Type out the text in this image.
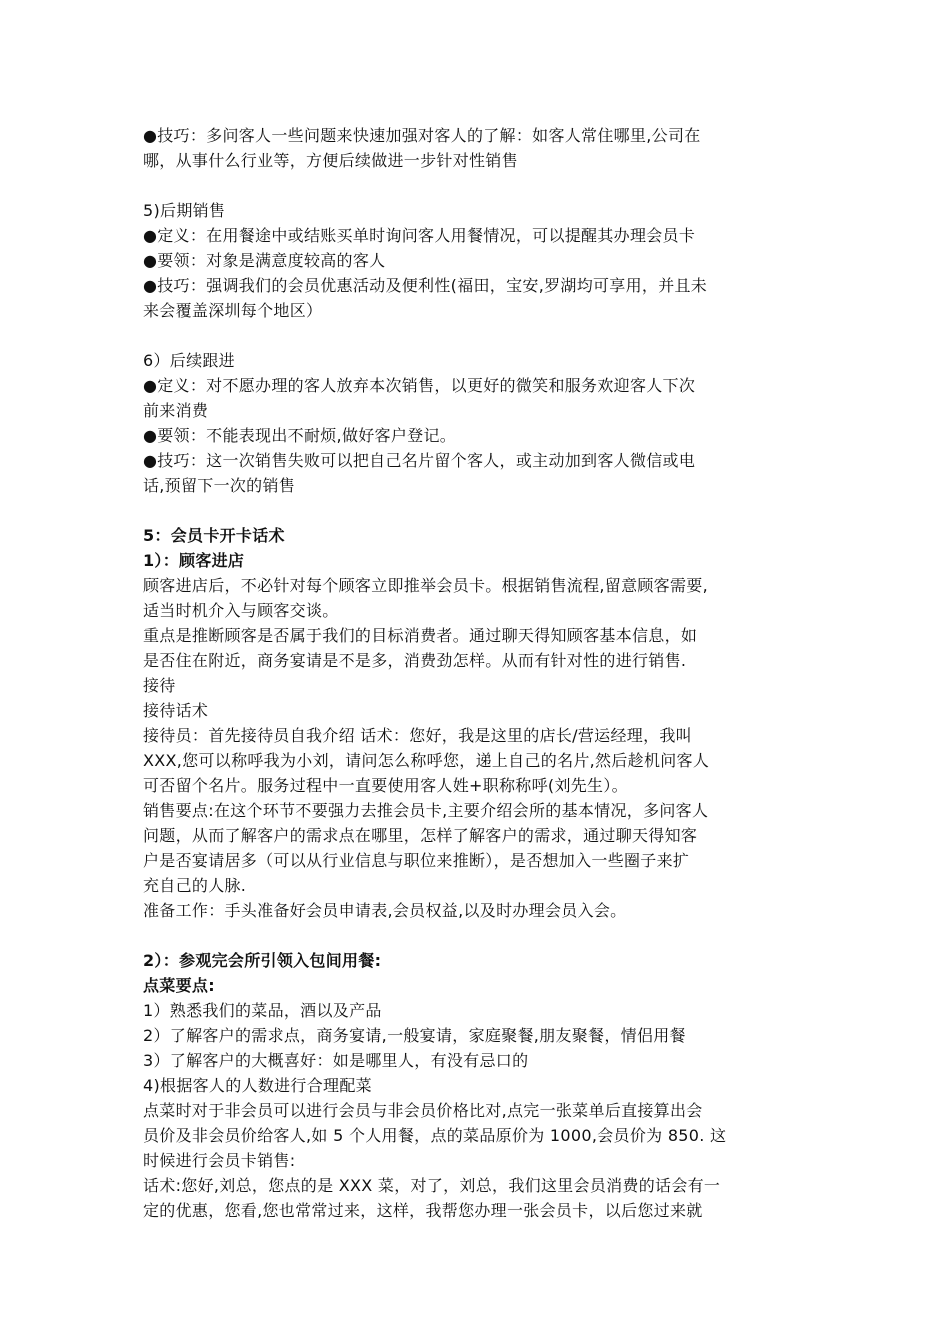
●技巧：多问客人一些问题来快速加强对客人的了解：如客人常住哪里,公司在
哪，从事什么行业等，方便后续做进一步针对性销售
5)后期销售
●定义：在用餐途中或结账买单时询问客人用餐情况，可以提醒其办理会员卡
●要领：对象是满意度较高的客人
●技巧：强调我们的会员优惠活动及便利性(福田，宝安,罗湖均可享用，并且未
来会覆盖深圳每个地区）
6）后续跟进
●定义：对不愿办理的客人放弃本次销售，以更好的微笑和服务欢迎客人下次
前来消费
●要领：不能表现出不耐烦,做好客户登记。
●技巧：这一次销售失败可以把自己名片留个客人，或主动加到客人微信或电
话,预留下一次的销售
5：会员卡开卡话术
1）：顾客进店
顾客进店后，不必针对每个顾客立即推举会员卡。根据销售流程,留意顾客需要,
适当时机介入与顾客交谈。
重点是推断顾客是否属于我们的目标消费者。通过聊天得知顾客基本信息，如
是否住在附近，商务宴请是不是多，消费劲怎样。从而有针对性的进行销售.
接待
接待话术
接待员：首先接待员自我介绍 话术：您好，我是这里的店长/营运经理，我叫
XXX,您可以称呼我为小刘，请问怎么称呼您，递上自己的名片,然后趁机问客人
可否留个名片。服务过程中一直要使用客人姓+职称称呼(刘先生）。
销售要点:在这个环节不要强力去推会员卡,主要介绍会所的基本情况，多问客人
问题，从而了解客户的需求点在哪里，怎样了解客户的需求，通过聊天得知客
户是否宴请居多（可以从行业信息与职位来推断），是否想加入一些圈子来扩
充自己的人脉.
准备工作：手头准备好会员申请表,会员权益,以及时办理会员入会。
2）：参观完会所引领入包间用餐:
点菜要点:
1）熟悉我们的菜品，酒以及产品
2）了解客户的需求点，商务宴请,一般宴请，家庭聚餐,朋友聚餐，情侣用餐
3）了解客户的大概喜好：如是哪里人，有没有忌口的
4)根据客人的人数进行合理配菜
点菜时对于非会员可以进行会员与非会员价格比对,点完一张菜单后直接算出会
员价及非会员价给客人,如 5 个人用餐，点的菜品原价为 1000,会员价为 850. 这
时候进行会员卡销售:
话术:您好,刘总，您点的是 XXX 菜，对了，刘总，我们这里会员消费的话会有一
定的优惠，您看,您也常常过来，这样，我帮您办理一张会员卡，以后您过来就
